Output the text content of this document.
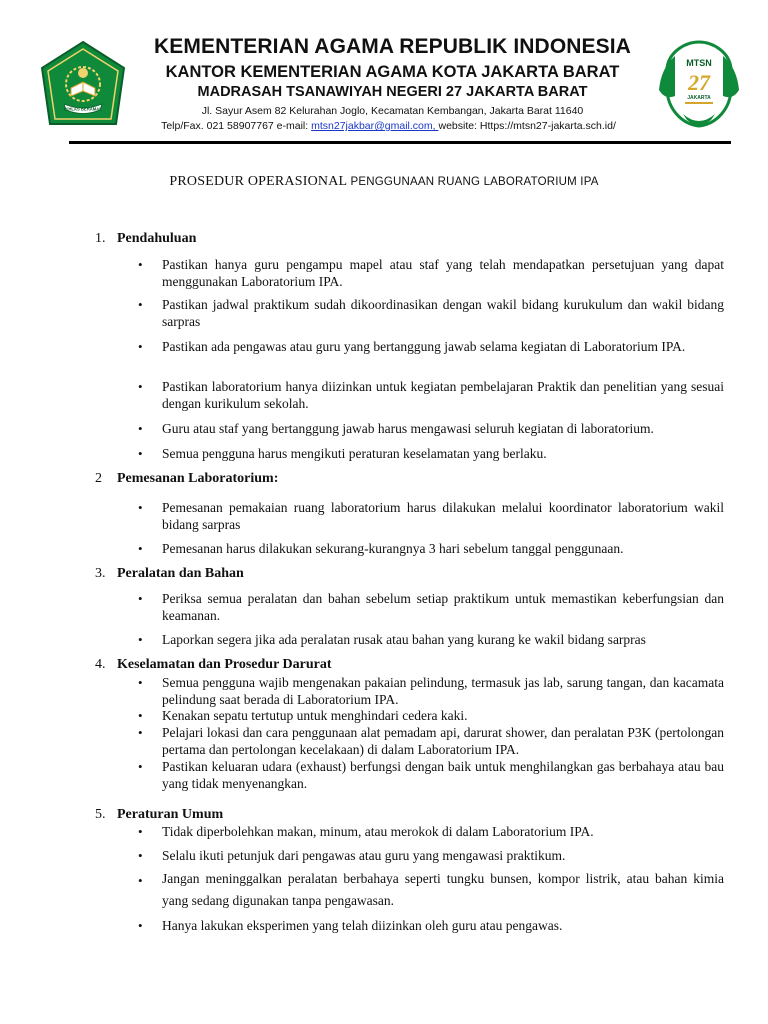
IKHLAS BERAMAL
KEMENTERIAN AGAMA REPUBLIK INDONESIA
KANTOR KEMENTERIAN AGAMA KOTA JAKARTA BARAT
MADRASAH TSANAWIYAH NEGERI 27 JAKARTA BARAT
Jl. Sayur Asem 82 Kelurahan Joglo, Kecamatan Kembangan, Jakarta Barat 11640
Telp/Fax. 021 58907767 e-mail: mtsn27jakbar@gmail.com, website: Https://mtsn27-jakarta.sch.id/
MTSN
27
JAKARTA
PROSEDUR OPERASIONAL PENGGUNAAN RUANG LABORATORIUM IPA
1. Pendahuluan
•	Pastikan hanya guru pengampu mapel atau staf yang telah mendapatkan persetujuan yang dapat menggunakan Laboratorium IPA.
•	Pastikan jadwal praktikum sudah dikoordinasikan dengan wakil bidang kurukulum dan wakil bidang sarpras
•	Pastikan ada pengawas atau guru yang bertanggung jawab selama kegiatan di Laboratorium IPA.
•	Pastikan laboratorium hanya diizinkan untuk kegiatan pembelajaran Praktik dan penelitian yang sesuai dengan kurikulum sekolah.
•	Guru atau staf yang bertanggung jawab harus mengawasi seluruh kegiatan di laboratorium.
•	Semua pengguna harus mengikuti peraturan keselamatan yang berlaku.
2 Pemesanan Laboratorium:
•	Pemesanan pemakaian ruang laboratorium harus dilakukan melalui koordinator laboratorium wakil bidang sarpras
•	Pemesanan harus dilakukan sekurang-kurangnya 3 hari sebelum tanggal penggunaan.
3. Peralatan dan Bahan
•	Periksa semua peralatan dan bahan sebelum setiap praktikum untuk memastikan keberfungsian dan keamanan.
•	Laporkan segera jika ada peralatan rusak atau bahan yang kurang ke wakil bidang sarpras
4. Keselamatan dan Prosedur Darurat
•	Semua pengguna wajib mengenakan pakaian pelindung, termasuk jas lab, sarung tangan, dan kacamata pelindung saat berada di Laboratorium IPA.
•	Kenakan sepatu tertutup untuk menghindari cedera kaki.
•	Pelajari lokasi dan cara penggunaan alat pemadam api, darurat shower, dan peralatan P3K (pertolongan pertama dan pertolongan kecelakaan) di dalam Laboratorium IPA.
•	Pastikan keluaran udara (exhaust) berfungsi dengan baik untuk menghilangkan gas berbahaya atau bau yang tidak menyenangkan.
5. Peraturan Umum
•	Tidak diperbolehkan makan, minum, atau merokok di dalam Laboratorium IPA.
•	Selalu ikuti petunjuk dari pengawas atau guru yang mengawasi praktikum.
•	Jangan meninggalkan peralatan berbahaya seperti tungku bunsen, kompor listrik, atau bahan kimia yang sedang digunakan tanpa pengawasan.
•	Hanya lakukan eksperimen yang telah diizinkan oleh guru atau pengawas.
